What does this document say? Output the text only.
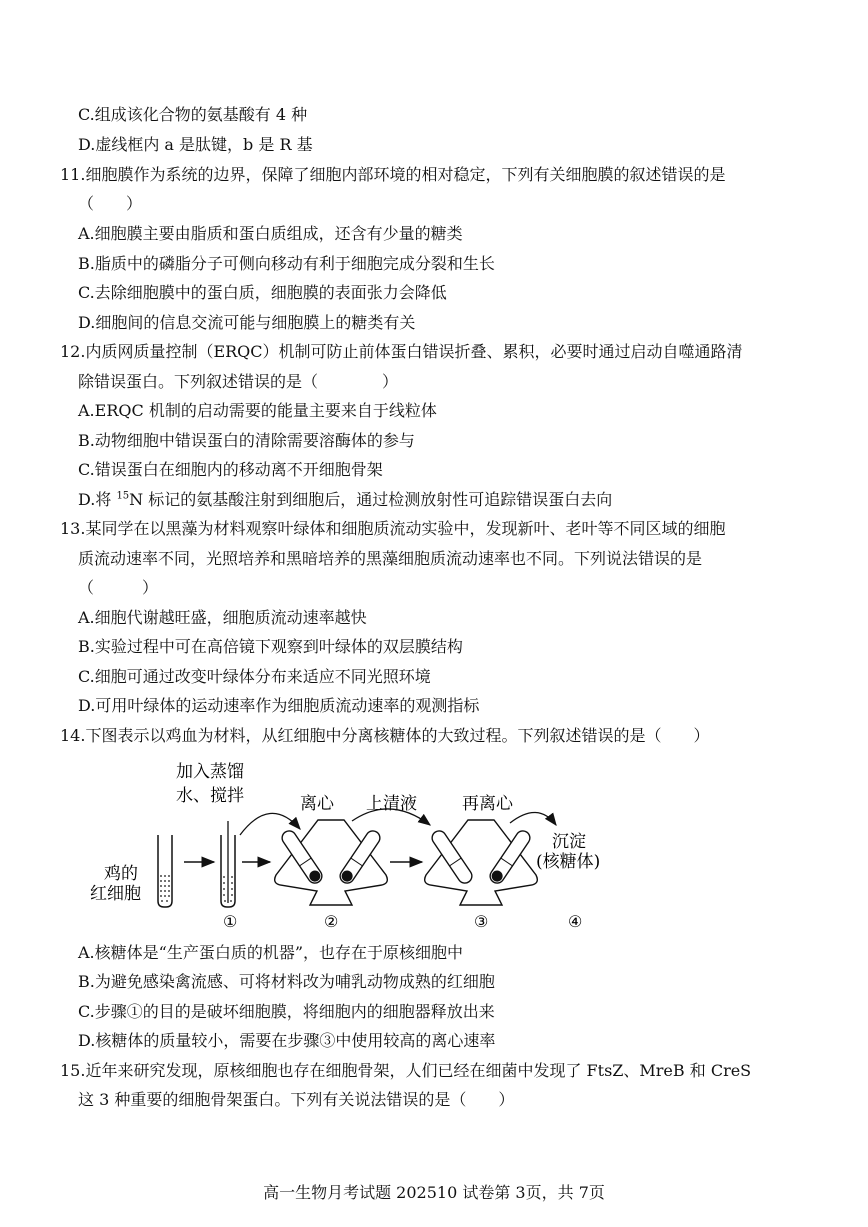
C.组成该化合物的氨基酸有 4 种
D.虚线框内 a 是肽键，b 是 R 基
11.细胞膜作为系统的边界，保障了细胞内部环境的相对稳定，下列有关细胞膜的叙述错误的是
（　　）
A.细胞膜主要由脂质和蛋白质组成，还含有少量的糖类
B.脂质中的磷脂分子可侧向移动有利于细胞完成分裂和生长
C.去除细胞膜中的蛋白质，细胞膜的表面张力会降低
D.细胞间的信息交流可能与细胞膜上的糖类有关
12.内质网质量控制（ERQC）机制可防止前体蛋白错误折叠、累积，必要时通过启动自噬通路清
除错误蛋白。下列叙述错误的是（　　　　）
A.ERQC 机制的启动需要的能量主要来自于线粒体
B.动物细胞中错误蛋白的清除需要溶酶体的参与
C.错误蛋白在细胞内的移动离不开细胞骨架
D.将 $^{15}$N 标记的氨基酸注射到细胞后，通过检测放射性可追踪错误蛋白去向
13.某同学在以黑藻为材料观察叶绿体和细胞质流动实验中，发现新叶、老叶等不同区域的细胞
质流动速率不同，光照培养和黑暗培养的黑藻细胞质流动速率也不同。下列说法错误的是
（　　　）
A.细胞代谢越旺盛，细胞质流动速率越快
B.实验过程中可在高倍镜下观察到叶绿体的双层膜结构
C.细胞可通过改变叶绿体分布来适应不同光照环境
D.可用叶绿体的运动速率作为细胞质流动速率的观测指标
14.下图表示以鸡血为材料，从红细胞中分离核糖体的大致过程。下列叙述错误的是（　　）
加入蒸馏
水、搅拌	离心 上清液	再离心
鸡的
红细胞
沉淀
(核糖体)
①	②	③	④
A.核糖体是“生产蛋白质的机器”，也存在于原核细胞中
B.为避免感染禽流感、可将材料改为哺乳动物成熟的红细胞
C.步骤①的目的是破坏细胞膜，将细胞内的细胞器释放出来
D.核糖体的质量较小，需要在步骤③中使用较高的离心速率
15.近年来研究发现，原核细胞也存在细胞骨架，人们已经在细菌中发现了 FtsZ、MreB 和 CreS
这 3 种重要的细胞骨架蛋白。下列有关说法错误的是（　　）
高一生物月考试题 202510 试卷第 3页，共 7页
